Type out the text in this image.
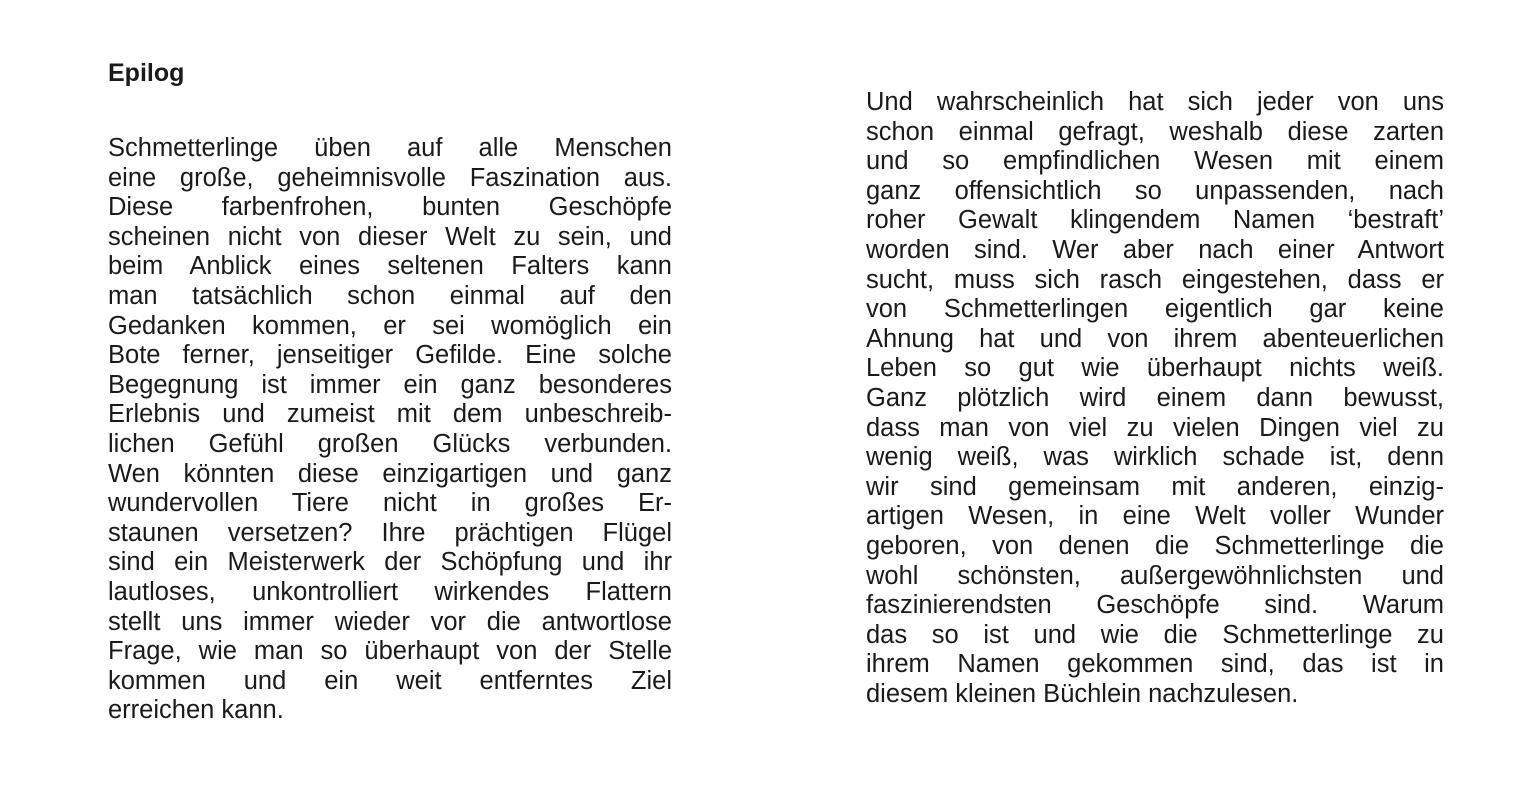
Epilog
Schmetterlinge üben auf alle Menschen
eine große, geheimnisvolle Faszination aus.
Diese farbenfrohen, bunten Geschöpfe
scheinen nicht von dieser Welt zu sein, und
beim Anblick eines seltenen Falters kann
man tatsächlich schon einmal auf den
Gedanken kommen, er sei womöglich ein
Bote ferner, jenseitiger Gefilde. Eine solche
Begegnung ist immer ein ganz besonderes
Erlebnis und zumeist mit dem unbeschreib-
lichen Gefühl großen Glücks verbunden.
Wen könnten diese einzigartigen und ganz
wundervollen Tiere nicht in großes Er-
staunen versetzen? Ihre prächtigen Flügel
sind ein Meisterwerk der Schöpfung und ihr
lautloses, unkontrolliert wirkendes Flattern
stellt uns immer wieder vor die antwortlose
Frage, wie man so überhaupt von der Stelle
kommen und ein weit entferntes Ziel
erreichen kann.
Und wahrscheinlich hat sich jeder von uns
schon einmal gefragt, weshalb diese zarten
und so empfindlichen Wesen mit einem
ganz offensichtlich so unpassenden, nach
roher Gewalt klingendem Namen ‘bestraft’
worden sind. Wer aber nach einer Antwort
sucht, muss sich rasch eingestehen, dass er
von Schmetterlingen eigentlich gar keine
Ahnung hat und von ihrem abenteuerlichen
Leben so gut wie überhaupt nichts weiß.
Ganz plötzlich wird einem dann bewusst,
dass man von viel zu vielen Dingen viel zu
wenig weiß, was wirklich schade ist, denn
wir sind gemeinsam mit anderen, einzig-
artigen Wesen, in eine Welt voller Wunder
geboren, von denen die Schmetterlinge die
wohl schönsten, außergewöhnlichsten und
faszinierendsten Geschöpfe sind. Warum
das so ist und wie die Schmetterlinge zu
ihrem Namen gekommen sind, das ist in
diesem kleinen Büchlein nachzulesen.
